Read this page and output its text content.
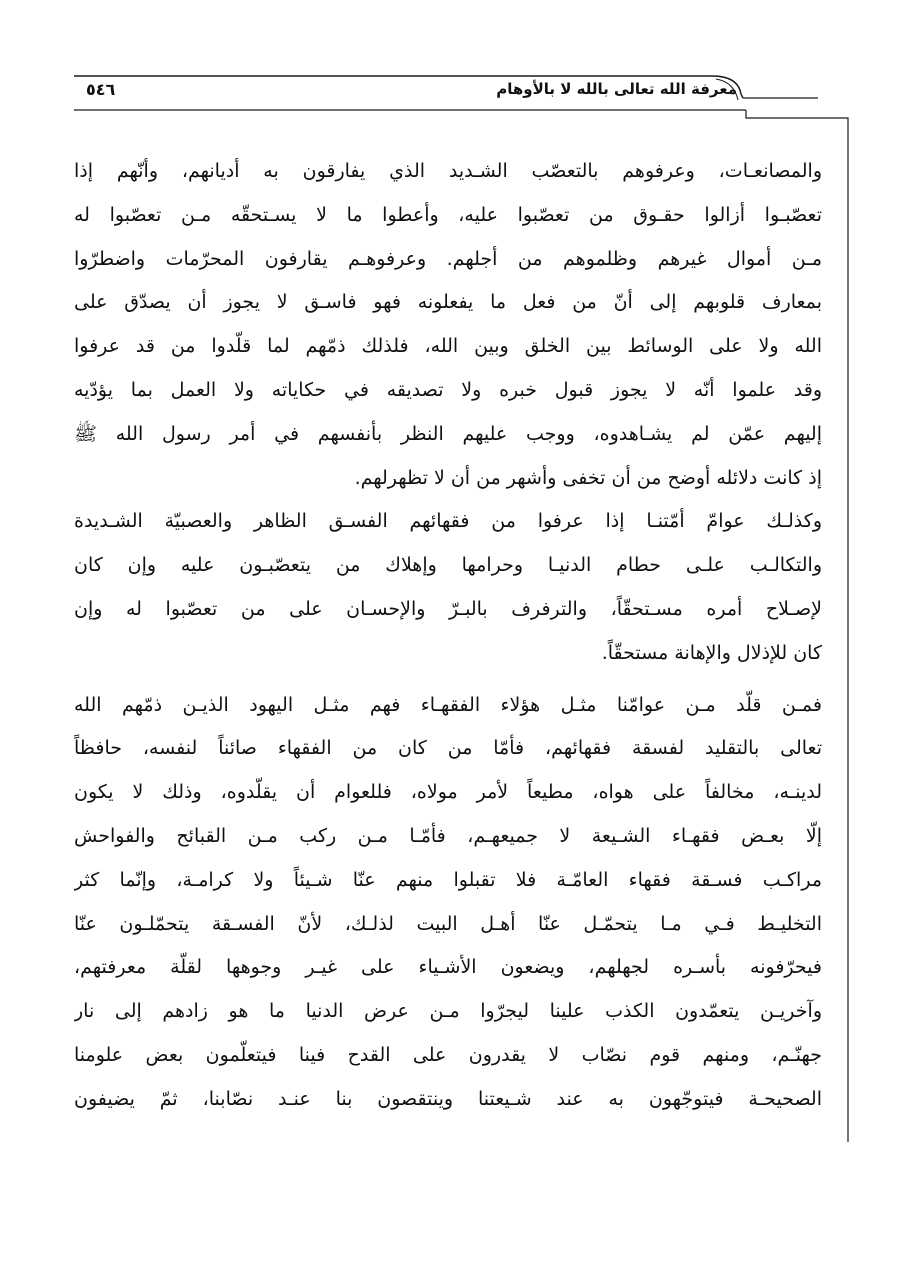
معرفة الله تعالى بالله لا بالأوهام
٥٤٦
والمصانعـات، وعرفوهم بالتعصّب الشـديد الذي يفارقون به أديانهم، وأنّهم إذا
تعصّبـوا أزالوا حقـوق من تعصّبوا عليه، وأعطوا ما لا يسـتحقّه مـن تعصّبوا له
مـن أموال غيرهم وظلموهم من أجلهم. وعرفوهـم يقارفون المحرّمات واضطرّوا
بمعارف قلوبهم إلى أنّ من فعل ما يفعلونه فهو فاسـق لا يجوز أن يصدّق على
الله ولا على الوسائط بين الخلق وبين الله، فلذلك ذمّهم لما قلّدوا من قد عرفوا
وقد علموا أنّه لا يجوز قبول خبره ولا تصديقه في حكاياته ولا العمل بما يؤدّيه
إليهم عمّن لم يشـاهدوه، ووجب عليهم النظر بأنفسهم في أمر رسول الله ﷺ
إذ كانت دلائله أوضح من أن تخفى وأشهر من أن لا تظهرلهم.
وكذلـك عوامّ أمّتنـا إذا عرفوا من فقهائهم الفسـق الظاهر والعصبيّة الشـديدة
والتكالـب علـى حطام الدنيـا وحرامها وإهلاك من يتعصّبـون عليه وإن كان
لإصـلاح أمره مسـتحقّاً، والترفرف بالبـرّ والإحسـان على من تعصّبوا له وإن
كان للإذلال والإهانة مستحقّاً.
فمـن قلّد مـن عوامّنا مثـل هؤلاء الفقهـاء فهم مثـل اليهود الذيـن ذمّهم الله
تعالى بالتقليد لفسقة فقهائهم، فأمّا من كان من الفقهاء صائناً لنفسه، حافظاً
لدينـه، مخالفاً على هواه، مطيعاً لأمر مولاه، فللعوام أن يقلّدوه، وذلك لا يكون
إلّا بعـض فقهـاء الشـيعة لا جميعهـم، فأمّـا مـن ركب مـن القبائح والفواحش
مراكـب فسـقة فقهاء العامّـة فلا تقبلوا منهم عنّا شـيئاً ولا كرامـة، وإنّما كثر
التخليـط فـي مـا يتحمّـل عنّا أهـل البيت لذلـك، لأنّ الفسـقة يتحمّلـون عنّا
فيحرّفونه بأسـره لجهلهم، ويضعون الأشـياء على غيـر وجوهها لقلّة معرفتهم،
وآخريـن يتعمّدون الكذب علينا ليجرّوا مـن عرض الدنيا ما هو زادهم إلى نار
جهنّـم، ومنهم قوم نصّاب لا يقدرون على القدح فينا فيتعلّمون بعض علومنا
الصحيحـة فيتوجّهون به عند شـيعتنا وينتقصون بنا عنـد نصّابنا، ثمّ يضيفون
